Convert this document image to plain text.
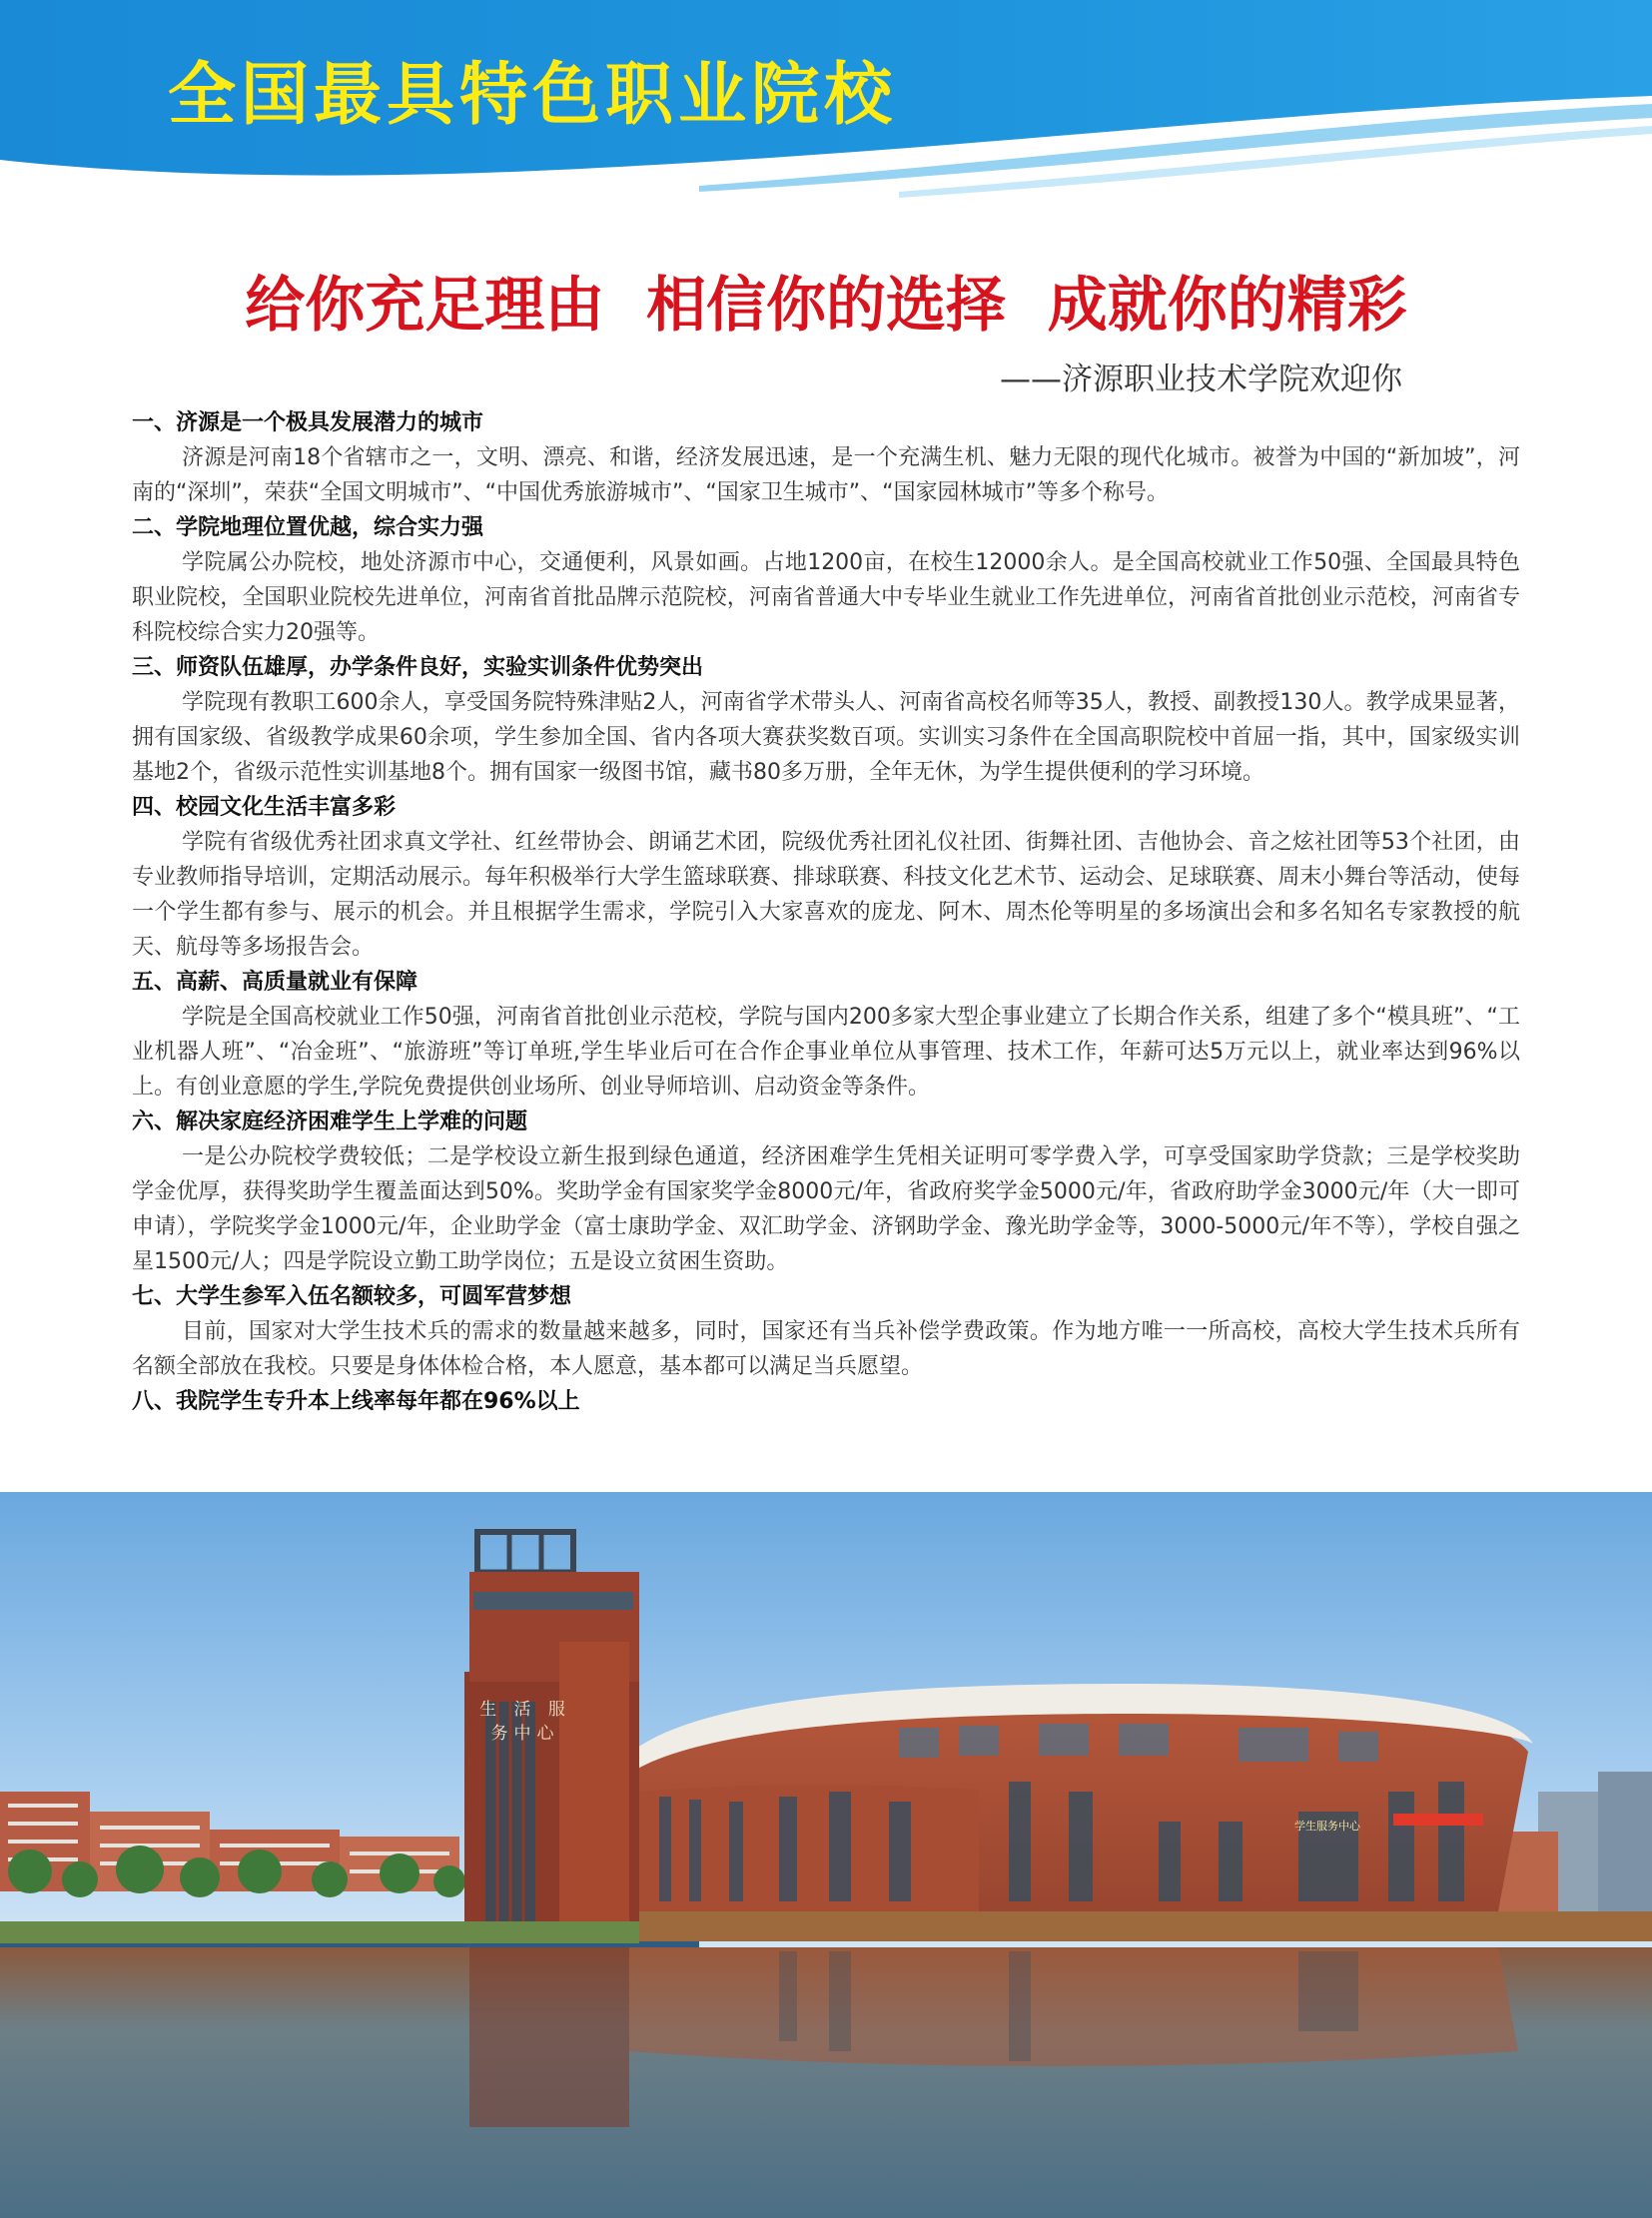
全国最具特色职业院校
给你充足理由  相信你的选择  成就你的精彩
——济源职业技术学院欢迎你
一、济源是一个极具发展潜力的城市
济源是河南18个省辖市之一，文明、漂亮、和谐，经济发展迅速，是一个充满生机、魅力无限的现代化城市。被誉为中国的“新加坡”，河南的“深圳”，荣获“全国文明城市”、“中国优秀旅游城市”、“国家卫生城市”、“国家园林城市”等多个称号。
二、学院地理位置优越，综合实力强
学院属公办院校，地处济源市中心，交通便利，风景如画。占地1200亩，在校生12000余人。是全国高校就业工作50强、全国最具特色职业院校，全国职业院校先进单位，河南省首批品牌示范院校，河南省普通大中专毕业生就业工作先进单位，河南省首批创业示范校，河南省专科院校综合实力20强等。
三、师资队伍雄厚，办学条件良好，实验实训条件优势突出
学院现有教职工600余人，享受国务院特殊津贴2人，河南省学术带头人、河南省高校名师等35人，教授、副教授130人。教学成果显著，拥有国家级、省级教学成果60余项，学生参加全国、省内各项大赛获奖数百项。实训实习条件在全国高职院校中首屈一指，其中，国家级实训基地2个，省级示范性实训基地8个。拥有国家一级图书馆，藏书80多万册，全年无休，为学生提供便利的学习环境。
四、校园文化生活丰富多彩
学院有省级优秀社团求真文学社、红丝带协会、朗诵艺术团，院级优秀社团礼仪社团、街舞社团、吉他协会、音之炫社团等53个社团，由专业教师指导培训，定期活动展示。每年积极举行大学生篮球联赛、排球联赛、科技文化艺术节、运动会、足球联赛、周末小舞台等活动，使每一个学生都有参与、展示的机会。并且根据学生需求，学院引入大家喜欢的庞龙、阿木、周杰伦等明星的多场演出会和多名知名专家教授的航天、航母等多场报告会。
五、高薪、高质量就业有保障
学院是全国高校就业工作50强，河南省首批创业示范校，学院与国内200多家大型企事业建立了长期合作关系，组建了多个“模具班”、“工业机器人班”、“冶金班”、“旅游班”等订单班,学生毕业后可在合作企事业单位从事管理、技术工作，年薪可达5万元以上，就业率达到96%以上。有创业意愿的学生,学院免费提供创业场所、创业导师培训、启动资金等条件。
六、解决家庭经济困难学生上学难的问题
一是公办院校学费较低；二是学校设立新生报到绿色通道，经济困难学生凭相关证明可零学费入学，可享受国家助学贷款；三是学校奖助学金优厚，获得奖助学生覆盖面达到50%。奖助学金有国家奖学金8000元/年，省政府奖学金5000元/年，省政府助学金3000元/年（大一即可申请），学院奖学金1000元/年，企业助学金（富士康助学金、双汇助学金、济钢助学金、豫光助学金等，3000-5000元/年不等），学校自强之星1500元/人；四是学院设立勤工助学岗位；五是设立贫困生资助。
七、大学生参军入伍名额较多，可圆军营梦想
目前，国家对大学生技术兵的需求的数量越来越多，同时，国家还有当兵补偿学费政策。作为地方唯一一所高校，高校大学生技术兵所有名额全部放在我校。只要是身体体检合格，本人愿意，基本都可以满足当兵愿望。
八、我院学生专升本上线率每年都在96%以上
生 活 服务中心
学生服务中心
